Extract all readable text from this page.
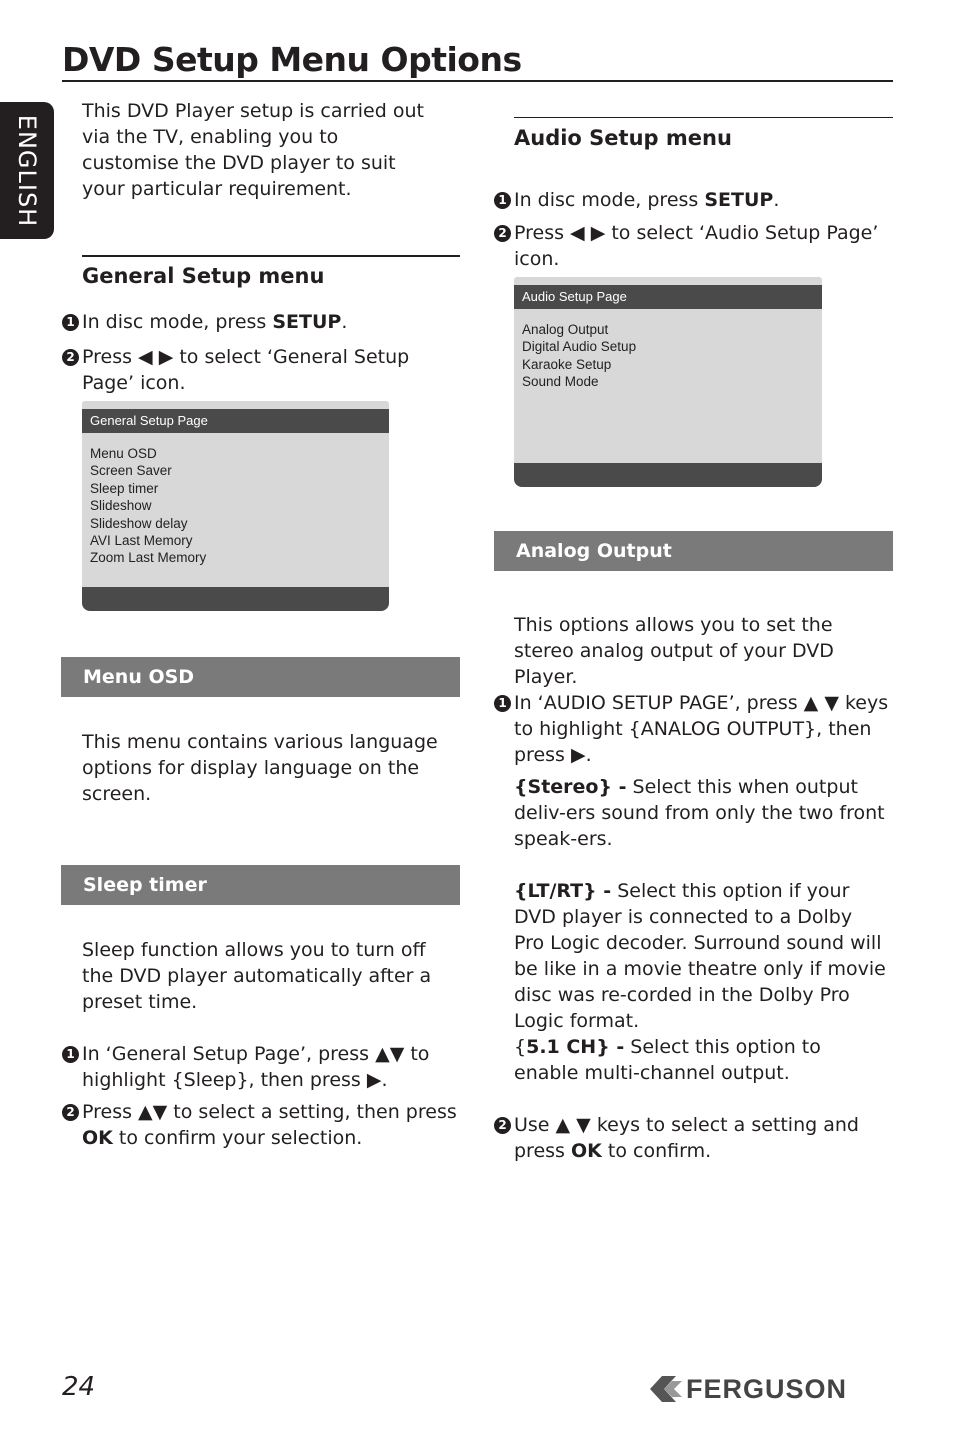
DVD Setup Menu Options
ENGLISH
This DVD Player setup is carried out via the TV, enabling you to customise the DVD player to suit your particular requirement.
General Setup menu
1 In disc mode, press SETUP.
2 Press ◀ ▶ to select ‘General Setup Page’ icon.
General Setup Page
Menu OSD
Screen Saver
Sleep timer
Slideshow
Slideshow delay
AVI Last Memory
Zoom Last Memory
Menu OSD
This menu contains various language options for display language on the screen.
Sleep timer
Sleep function allows you to turn off the DVD player automatically after a preset time.
1 In ‘General Setup Page’, press ▲▼ to highlight {Sleep}, then press ▶.
2 Press ▲▼ to select a setting, then press OK to confirm your selection.
Audio Setup menu
1 In disc mode, press SETUP.
2 Press ◀ ▶ to select ‘Audio Setup Page’ icon.
Audio Setup Page
Analog Output
Digital Audio Setup
Karaoke Setup
Sound Mode
Analog Output
This options allows you to set the stereo analog output of your DVD Player.
1 In ‘AUDIO SETUP PAGE’, press ▲ ▼ keys to highlight {ANALOG OUTPUT}, then press ▶.
{Stereo} - Select this when output deliv-ers sound from only the two front speak-ers.
{LT/RT} - Select this option if your DVD player is connected to a Dolby Pro Logic decoder. Surround sound will be like in a movie theatre only if movie disc was re-corded in the Dolby Pro Logic format.
{5.1 CH} - Select this option to enable multi-channel output.
2 Use ▲ ▼ keys to select a setting and press OK to confirm.
24	FERGUSON
